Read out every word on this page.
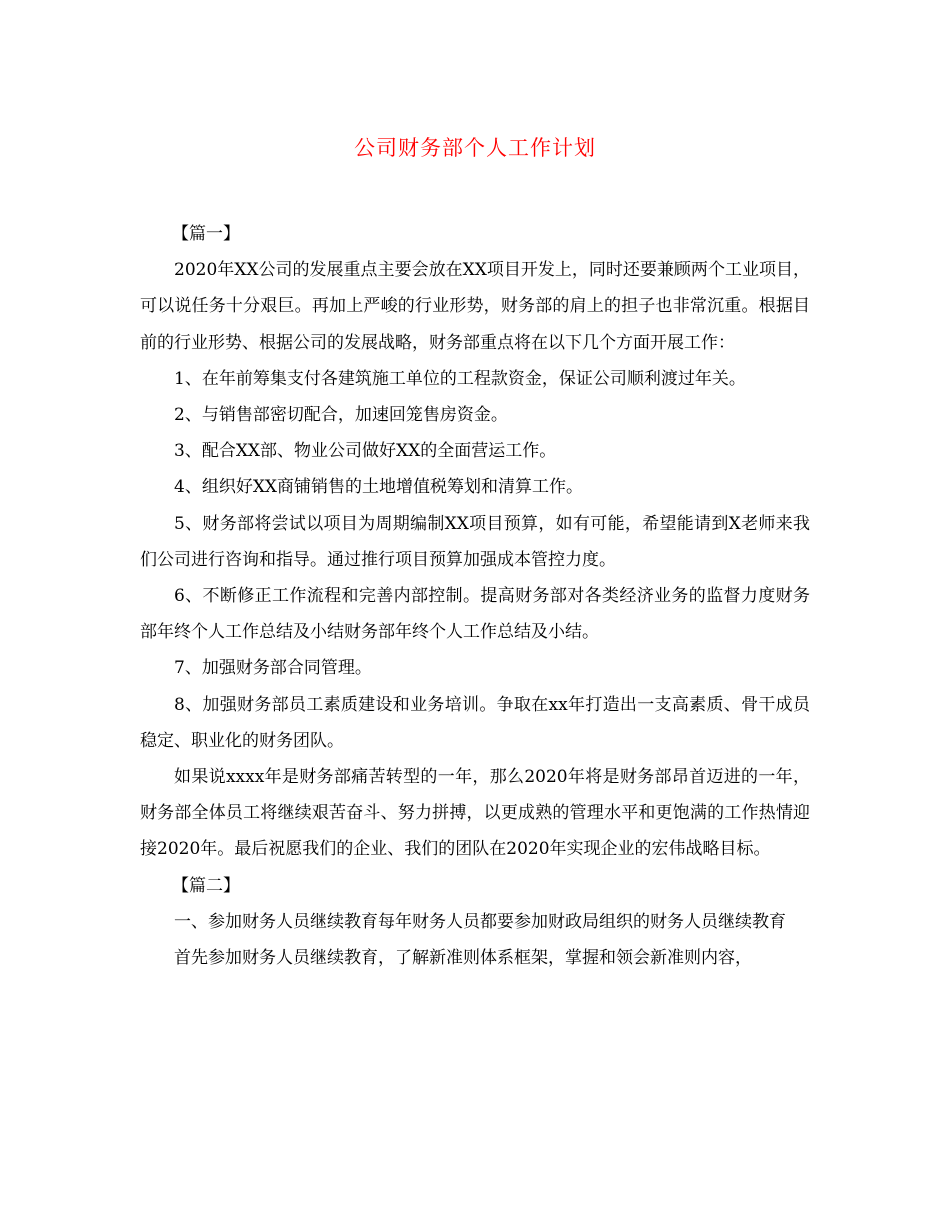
公司财务部个人工作计划

【篇一】

2020年XX公司的发展重点主要会放在XX项目开发上，同时还要兼顾两个工业项目，可以说任务十分艰巨。再加上严峻的行业形势，财务部的肩上的担子也非常沉重。根据目前的行业形势、根据公司的发展战略，财务部重点将在以下几个方面开展工作：

1、在年前筹集支付各建筑施工单位的工程款资金，保证公司顺利渡过年关。

2、与销售部密切配合，加速回笼售房资金。

3、配合XX部、物业公司做好XX的全面营运工作。

4、组织好XX商铺销售的土地增值税筹划和清算工作。

5、财务部将尝试以项目为周期编制XX项目预算，如有可能，希望能请到X老师来我们公司进行咨询和指导。通过推行项目预算加强成本管控力度。

6、不断修正工作流程和完善内部控制。提高财务部对各类经济业务的监督力度财务部年终个人工作总结及小结财务部年终个人工作总结及小结。

7、加强财务部合同管理。

8、加强财务部员工素质建设和业务培训。争取在xx年打造出一支高素质、骨干成员稳定、职业化的财务团队。

如果说xxxx年是财务部痛苦转型的一年，那么2020年将是财务部昂首迈进的一年，财务部全体员工将继续艰苦奋斗、努力拼搏，以更成熟的管理水平和更饱满的工作热情迎接2020年。最后祝愿我们的企业、我们的团队在2020年实现企业的宏伟战略目标。

【篇二】

一、参加财务人员继续教育每年财务人员都要参加财政局组织的财务人员继续教育

首先参加财务人员继续教育，了解新准则体系框架，掌握和领会新准则内容，
